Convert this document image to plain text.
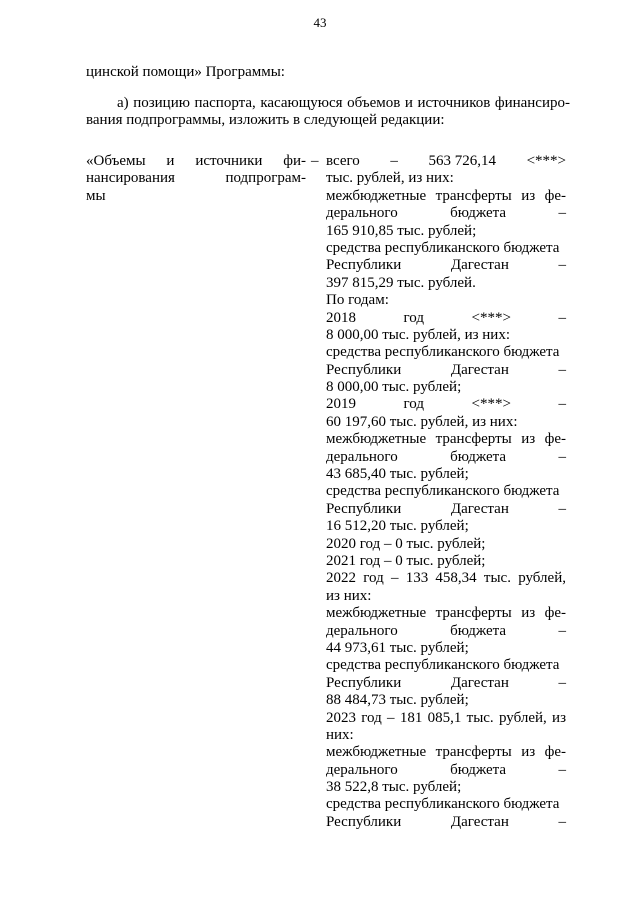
43
цинской помощи» Программы:
а) позицию паспорта, касающуюся объемов и источников финансиро-
вания подпрограммы, изложить в следующей редакции:
«Объемы и источники фи-
нансирования подпрограм-
мы
– всего – 563 726,14 <***>
тыс. рублей, из них:
межбюджетные трансферты из фе-
дерального	бюджета	–
165 910,85 тыс. рублей;
средства республиканского бюджета
Республики	Дагестан	–
397 815,29 тыс. рублей.
По годам:
2018	год	<***>	–
8 000,00 тыс. рублей, из них:
средства республиканского бюджета
Республики	Дагестан	–
8 000,00 тыс. рублей;
2019	год	<***>	–
60 197,60 тыс. рублей, из них:
межбюджетные трансферты из фе-
дерального	бюджета	–
43 685,40 тыс. рублей;
средства республиканского бюджета
Республики	Дагестан	–
16 512,20 тыс. рублей;
2020 год – 0 тыс. рублей;
2021 год – 0 тыс. рублей;
2022 год – 133 458,34 тыс. рублей,
из них:
межбюджетные трансферты из фе-
дерального	бюджета	–
44 973,61 тыс. рублей;
средства республиканского бюджета
Республики	Дагестан	–
88 484,73 тыс. рублей;
2023 год – 181 085,1 тыс. рублей, из
них:
межбюджетные трансферты из фе-
дерального	бюджета	–
38 522,8 тыс. рублей;
средства республиканского бюджета
Республики	Дагестан	–
